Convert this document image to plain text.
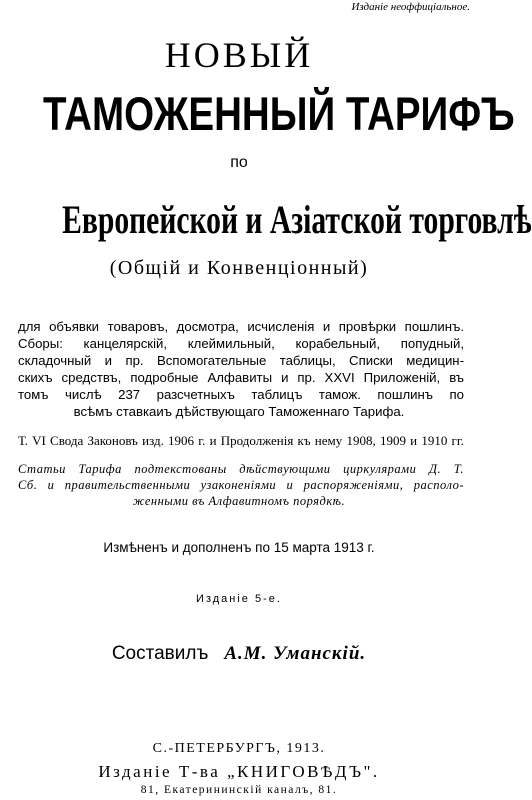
Изданіе неоффиціальное.

НОВЫЙ
ТАМОЖЕННЫЙ ТАРИФЪ

по

Европейской и Азіатской торговлѣ

(Общій и Конвенціонный)

для объявки товаровъ, досмотра, исчисленія и провѣрки пошлинъ.

Сборы: канцелярскій, клеймильный, корабельный, попудный,

складочный и пр. Вспомогательные таблицы, Списки медицин-

скихъ средствъ, подробные Алфавиты и пр. XXVI Приложеній, въ

томъ числѣ 237 разсчетныхъ таблицъ тамож. пошлинъ по

всѣмъ ставкаиъ дѣйствующаго Таможеннаго Тарифа.

Т. VI Свода Законовъ изд. 1906 г. и Продолженія къ нему 1908, 1909 и 1910 гг.

Статьи Тарифа подтекстованы дѣйствующими циркулярами Д. Т.

Сб. и правительственными узаконеніями и распоряженіями, располо-

женными въ Алфавитномъ порядкѣ.

Измѣненъ и дополненъ по 15 марта 1913 г.

Изданіе 5-е.

Составилъ А.М. Уманскій.

С.-ПЕТЕРБУРГЪ, 1913.

Изданіе Т-ва „КНИГОВѢДЪ".

81, Екатерининскій каналъ, 81.
